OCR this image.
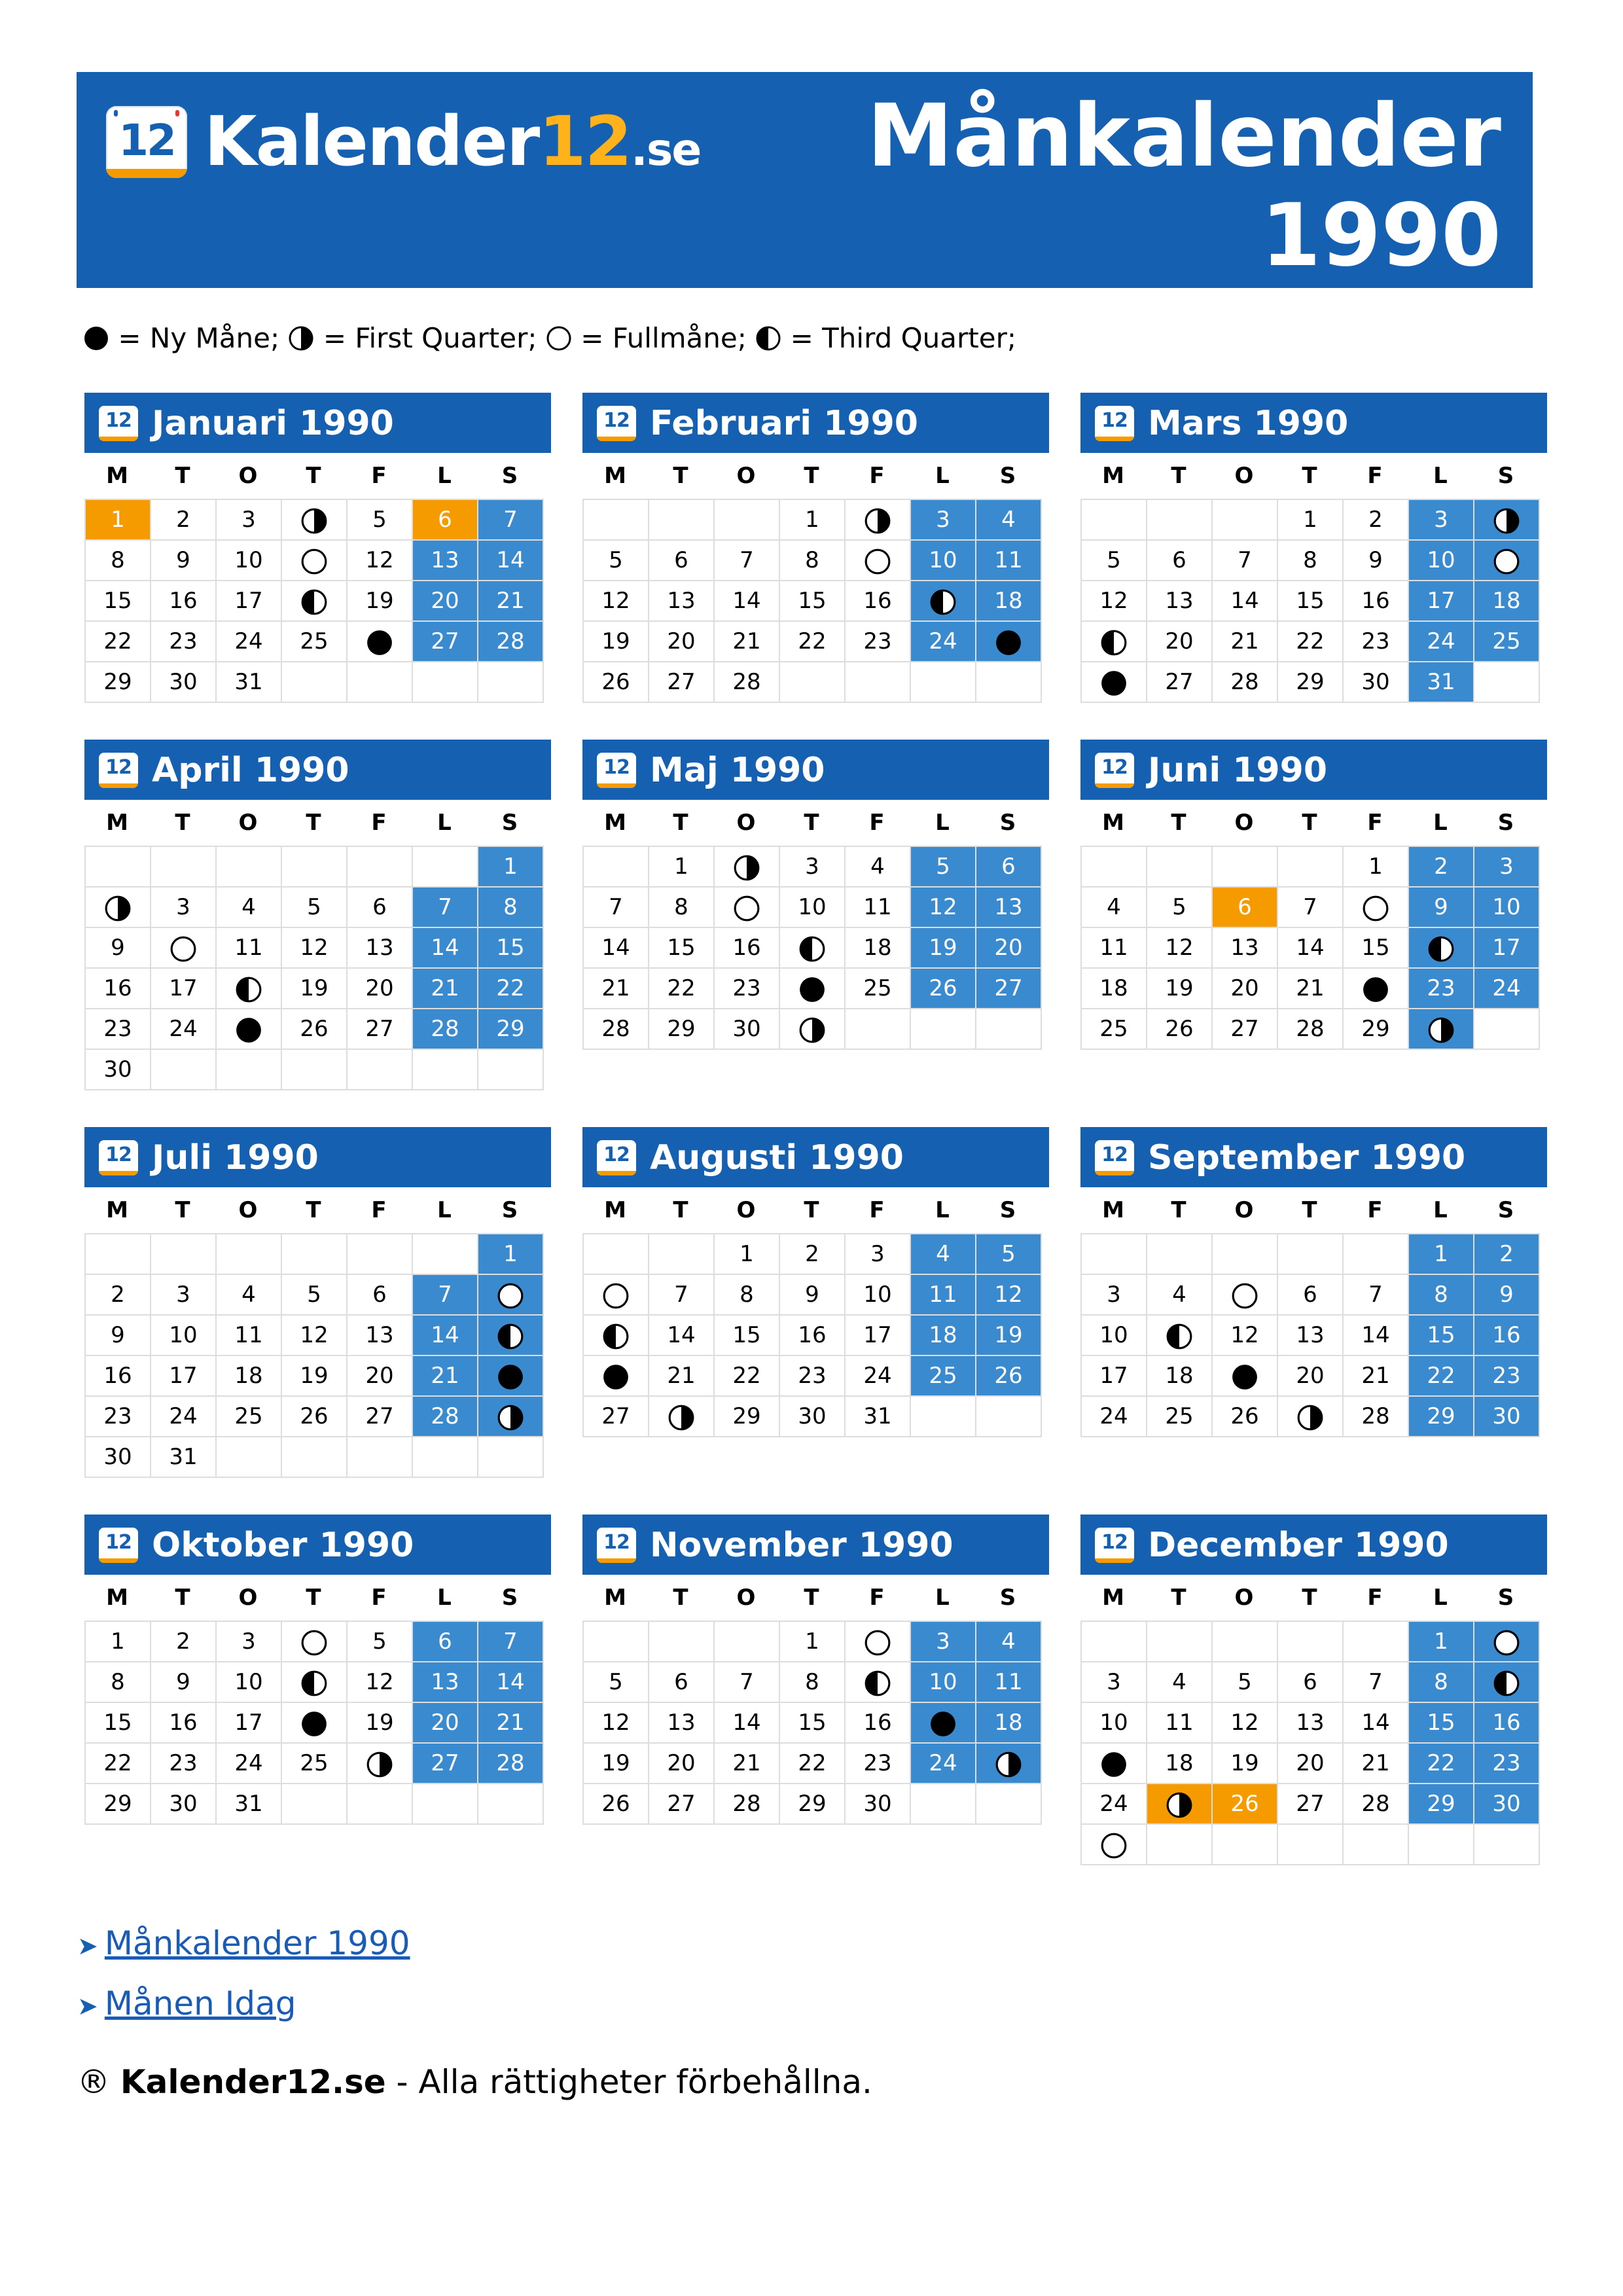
12 Kalender12.se Månkalender
1990
= Ny Måne; = First Quarter; = Fullmåne; = Third Quarter;
12 Januari 1990
M	T	O	T	F	L	S
1	2	3		5	6	7
8	9	10		12	13	14
15	16	17		19	20	21
22	23	24	25		27	28
29	30	31				
12 Februari 1990
M	T	O	T	F	L	S
			1		3	4
5	6	7	8		10	11
12	13	14	15	16		18
19	20	21	22	23	24	
26	27	28				
12 Mars 1990
M	T	O	T	F	L	S
			1	2	3	
5	6	7	8	9	10	
12	13	14	15	16	17	18
	20	21	22	23	24	25
	27	28	29	30	31	
12 April 1990
M	T	O	T	F	L	S
						1
	3	4	5	6	7	8
9		11	12	13	14	15
16	17		19	20	21	22
23	24		26	27	28	29
30						
12 Maj 1990
M	T	O	T	F	L	S
	1		3	4	5	6
7	8		10	11	12	13
14	15	16		18	19	20
21	22	23		25	26	27
28	29	30				
12 Juni 1990
M	T	O	T	F	L	S
				1	2	3
4	5	6	7		9	10
11	12	13	14	15		17
18	19	20	21		23	24
25	26	27	28	29		
12 Juli 1990
M	T	O	T	F	L	S
						1
2	3	4	5	6	7	
9	10	11	12	13	14	
16	17	18	19	20	21	
23	24	25	26	27	28	
30	31					
12 Augusti 1990
M	T	O	T	F	L	S
		1	2	3	4	5
	7	8	9	10	11	12
	14	15	16	17	18	19
	21	22	23	24	25	26
27		29	30	31		
12 September 1990
M	T	O	T	F	L	S
					1	2
3	4		6	7	8	9
10		12	13	14	15	16
17	18		20	21	22	23
24	25	26		28	29	30
12 Oktober 1990
M	T	O	T	F	L	S
1	2	3		5	6	7
8	9	10		12	13	14
15	16	17		19	20	21
22	23	24	25		27	28
29	30	31				
12 November 1990
M	T	O	T	F	L	S
			1		3	4
5	6	7	8		10	11
12	13	14	15	16		18
19	20	21	22	23	24	
26	27	28	29	30		
12 December 1990
M	T	O	T	F	L	S
					1	
3	4	5	6	7	8	
10	11	12	13	14	15	16
	18	19	20	21	22	23
24		26	27	28	29	30

➤ Månkalender 1990
➤ Månen Idag
® Kalender12.se - Alla rättigheter förbehållna.
